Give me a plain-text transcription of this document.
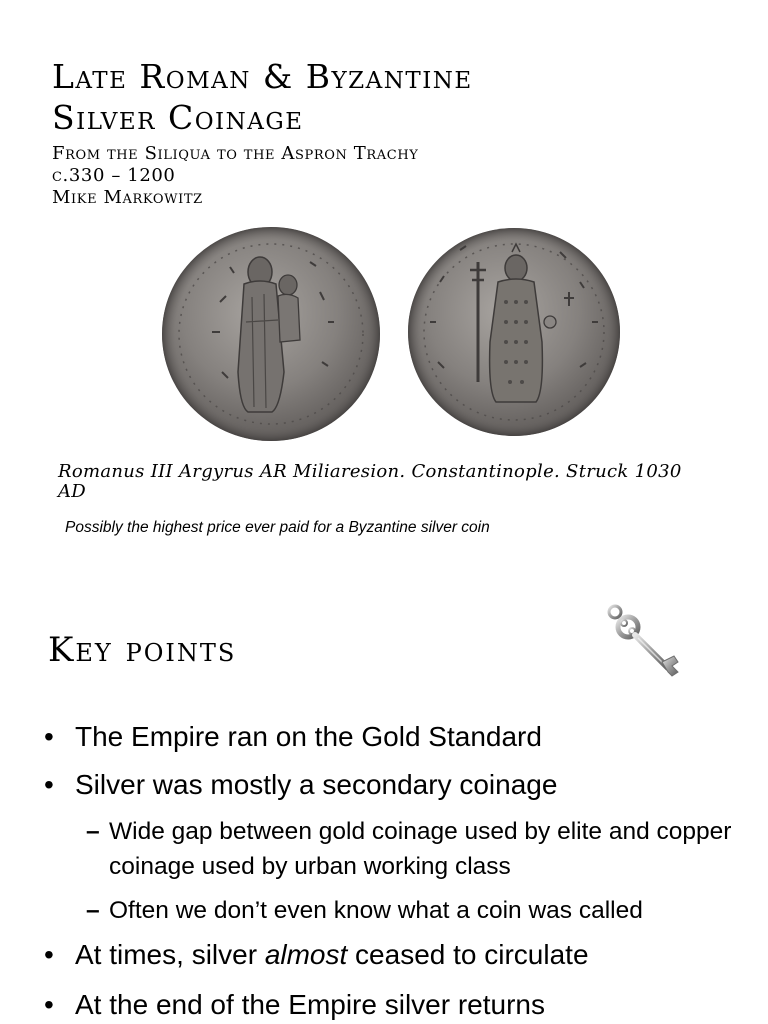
Late Roman & Byzantine
Silver Coinage
From the Siliqua to the Aspron Trachy
c.330 – 1200
Mike Markowitz
Romanus III Argyrus AR Miliaresion. Constantinople. Struck 1030 AD
Possibly the highest price ever paid for a Byzantine silver coin
Key points
• The Empire ran on the Gold Standard
• Silver was mostly a secondary coinage
– Wide gap between gold coinage used by elite and copper coinage used by urban working class
– Often we don’t even know what a coin was called
• At times, silver almost ceased to circulate
• At the end of the Empire silver returns
